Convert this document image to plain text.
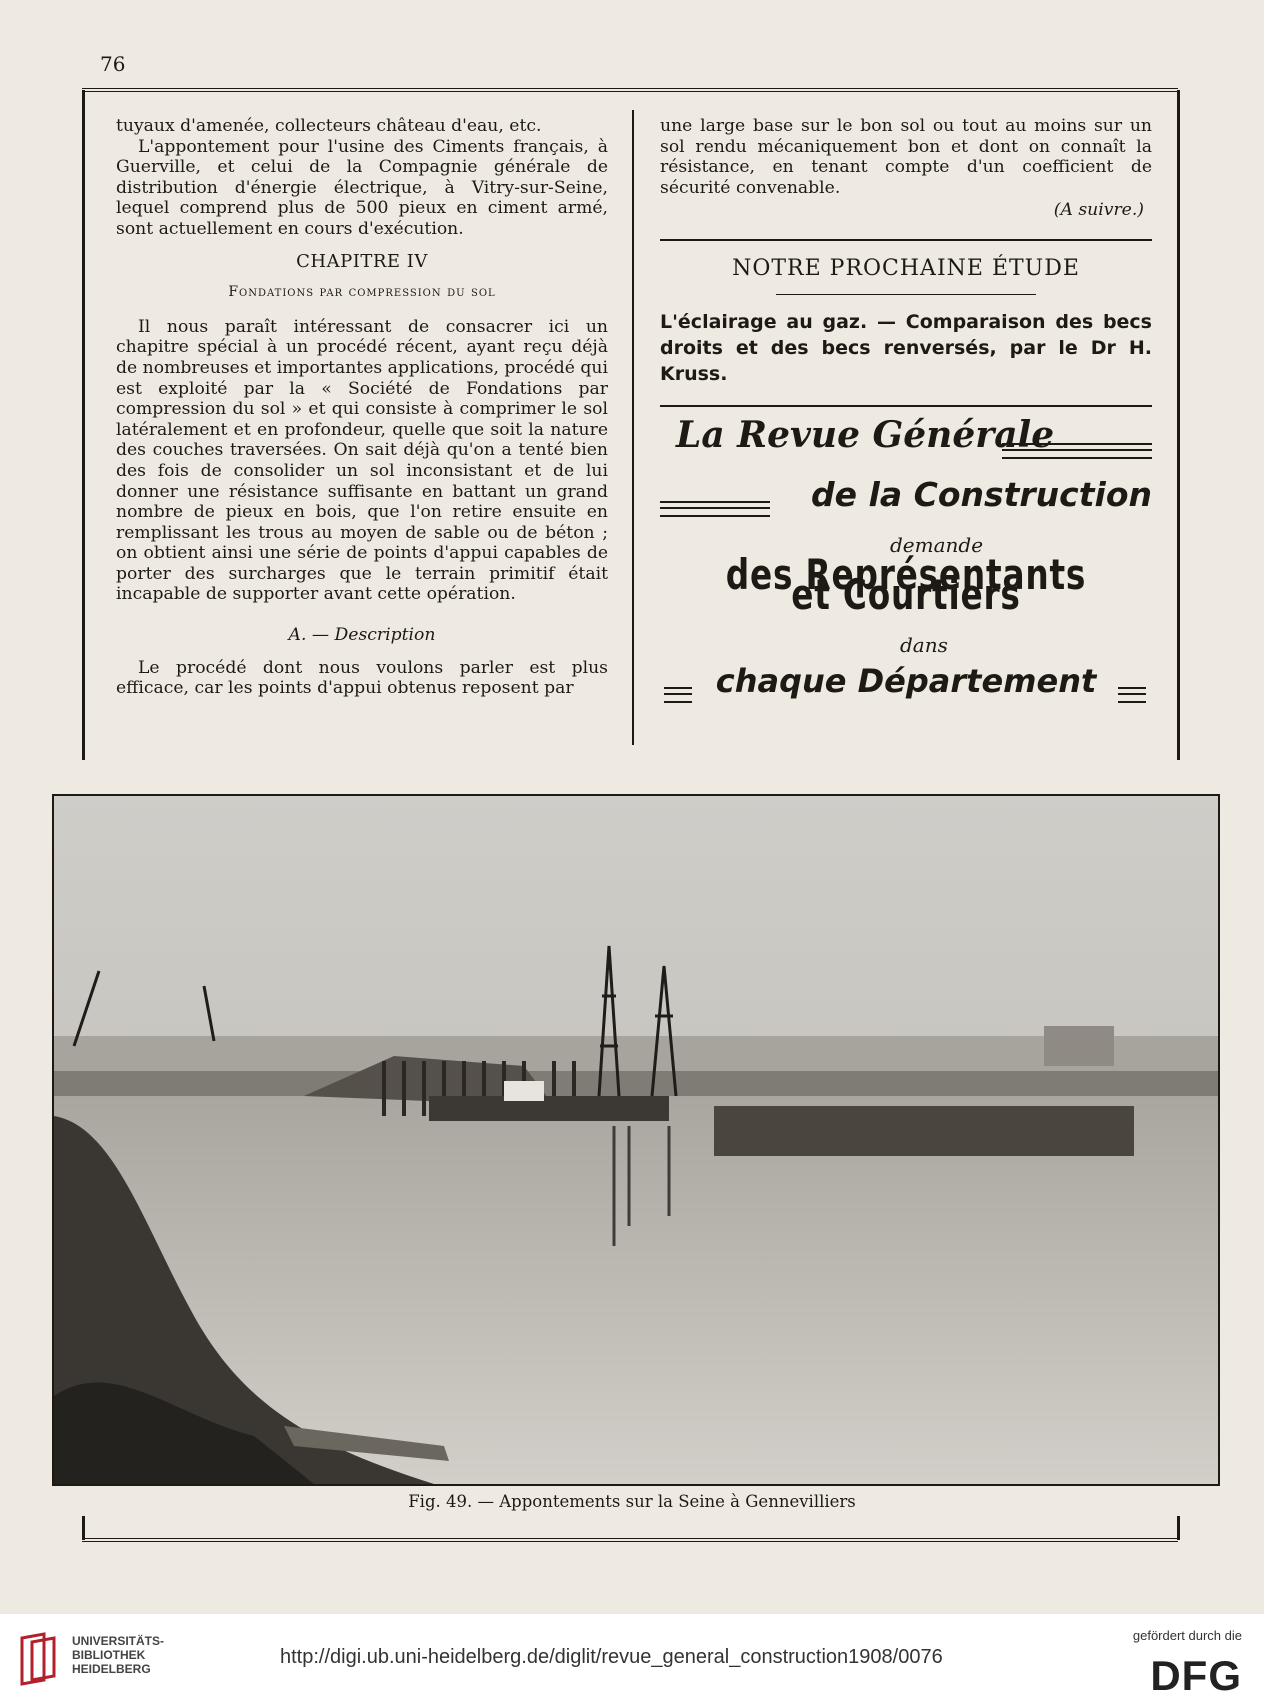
76

tuyaux d'amenée, collecteurs château d'eau, etc.

L'appontement pour l'usine des Ciments français, à Guerville, et celui de la Compagnie générale de distribution d'énergie électrique, à Vitry-sur-Seine, lequel comprend plus de 500 pieux en ciment armé, sont actuellement en cours d'exécution.

CHAPITRE IV
Fondations par compression du sol

Il nous paraît intéressant de consacrer ici un chapitre spécial à un procédé récent, ayant reçu déjà de nombreuses et importantes applications, procédé qui est exploité par la « Société de Fondations par compression du sol » et qui consiste à comprimer le sol latéralement et en profondeur, quelle que soit la nature des couches traversées. On sait déjà qu'on a tenté bien des fois de consolider un sol inconsistant et de lui donner une résistance suffisante en battant un grand nombre de pieux en bois, que l'on retire ensuite en remplissant les trous au moyen de sable ou de béton ; on obtient ainsi une série de points d'appui capables de porter des surcharges que le terrain primitif était incapable de supporter avant cette opération.

A. — Description

Le procédé dont nous voulons parler est plus efficace, car les points d'appui obtenus reposent par

une large base sur le bon sol ou tout au moins sur un sol rendu mécaniquement bon et dont on connaît la résistance, en tenant compte d'un coefficient de sécurité convenable.

(A suivre.)
NOTRE PROCHAINE ÉTUDE
L'éclairage au gaz. — Comparaison des becs droits et des becs renversés, par le Dr H. Kruss.
La Revue Générale
de la Construction
demande
des Représentants et Courtiers
dans
chaque Département
Fig. 49. — Appontements sur la Seine à Gennevilliers
UNIVERSITÄTS-
BIBLIOTHEK
HEIDELBERG
http://digi.ub.uni-heidelberg.de/diglit/revue_general_construction1908/0076
gefördert durch die
DFG
